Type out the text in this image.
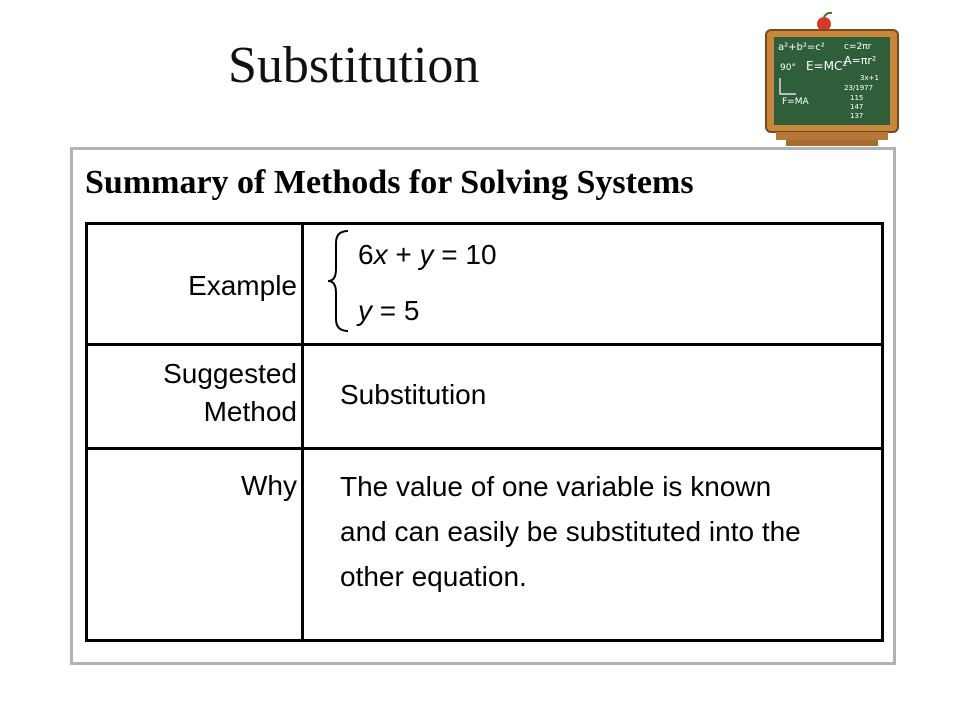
Substitution	a²+b²=c² c=2πr
A=πr²
E=MC²
90°
F=MA
3x+1
23/1977
115
147
137
Summary of Methods for Solving Systems
Example
6x + y = 10
y = 5
Suggested
Method
Substitution
Why The value of one variable is known and can easily be substituted into the other equation.
